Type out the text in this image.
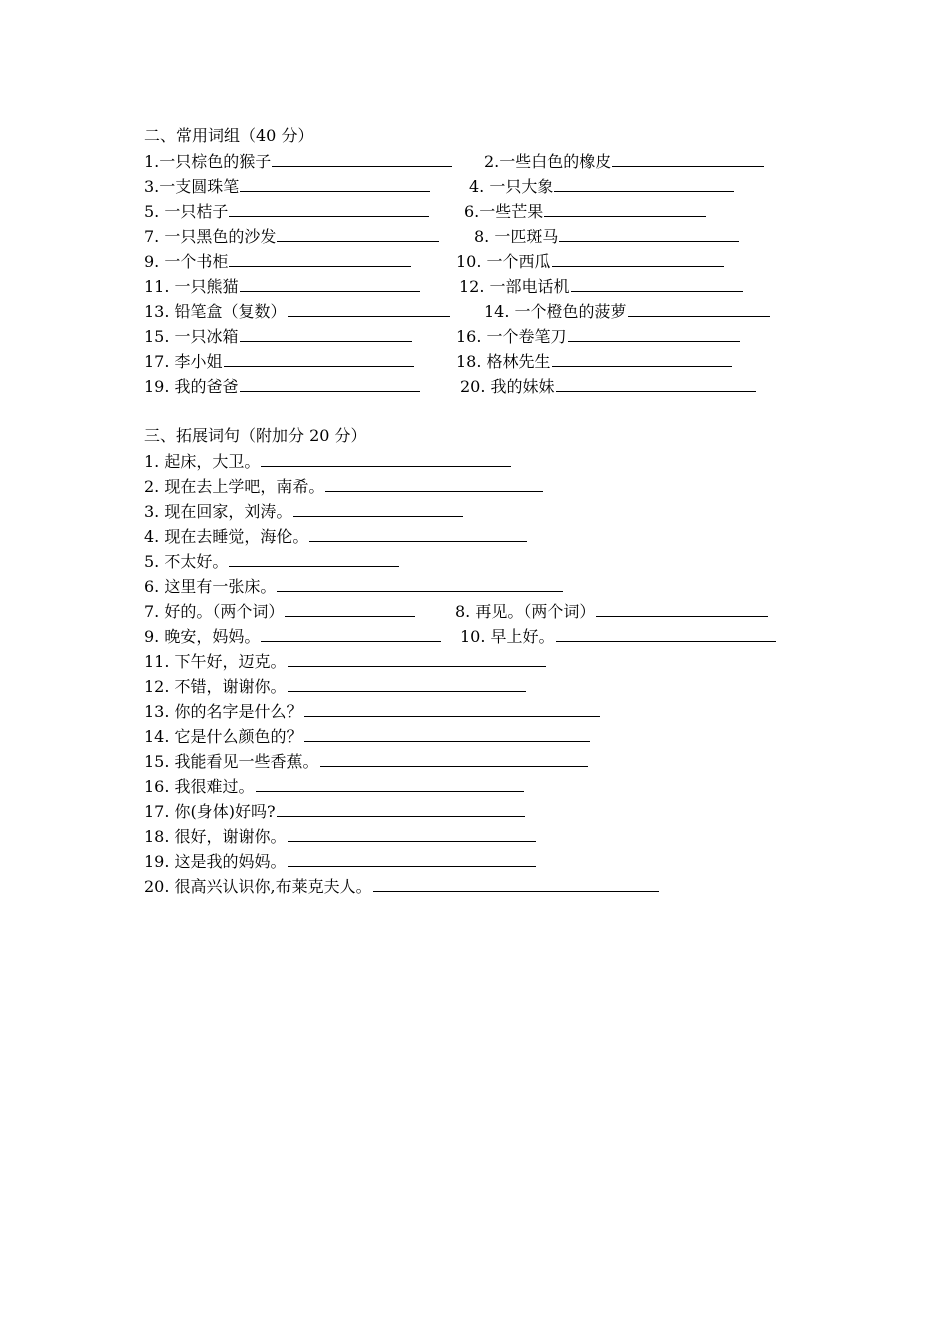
二、常用词组（40 分）
1.一只棕色的猴子	2.一些白色的橡皮
3.一支圆珠笔	4. 一只大象
5. 一只桔子	6.一些芒果
7. 一只黑色的沙发	8. 一匹斑马
9. 一个书柜	10. 一个西瓜
11. 一只熊猫	12. 一部电话机
13. 铅笔盒（复数）	14. 一个橙色的菠萝
15. 一只冰箱	16. 一个卷笔刀
17. 李小姐	18. 格林先生
19. 我的爸爸	20. 我的妹妹
三、拓展词句（附加分 20 分）
1. 起床，大卫。
2. 现在去上学吧，南希。
3. 现在回家，刘涛。
4. 现在去睡觉，海伦。
5. 不太好。
6. 这里有一张床。
7. 好的。（两个词）	8. 再见。（两个词）
9. 晚安，妈妈。	10. 早上好。
11. 下午好，迈克。
12. 不错，谢谢你。
13. 你的名字是什么？
14. 它是什么颜色的？
15. 我能看见一些香蕉。
16. 我很难过。
17. 你(身体)好吗?
18. 很好，谢谢你。
19. 这是我的妈妈。
20. 很高兴认识你,布莱克夫人。
